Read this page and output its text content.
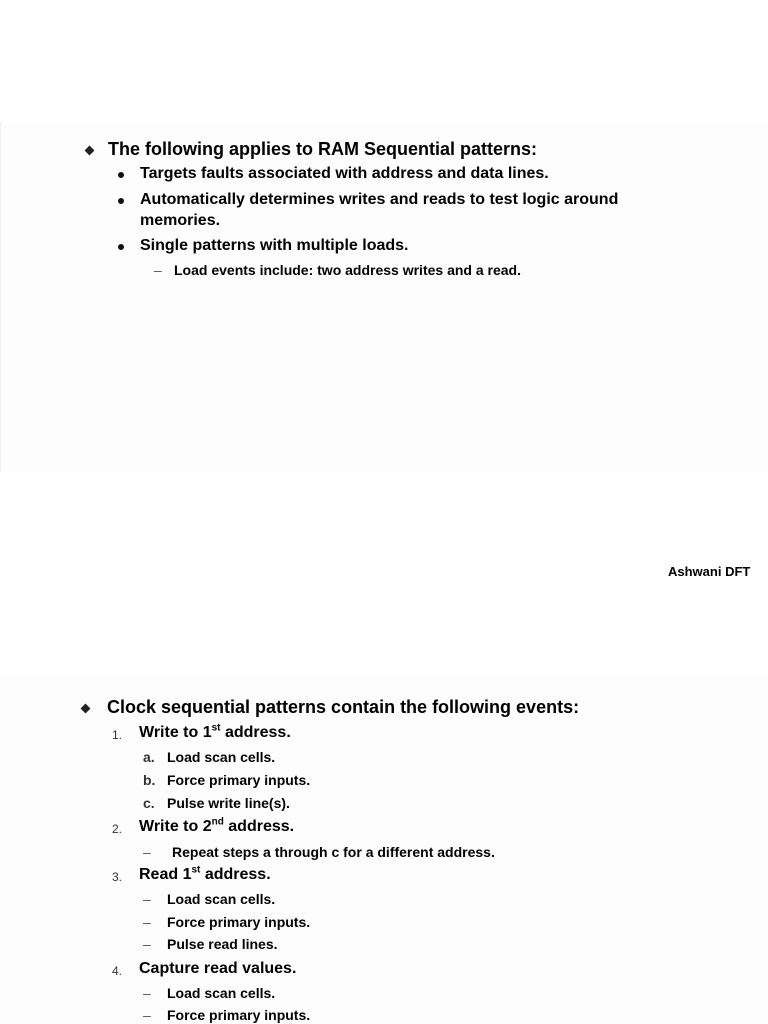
The following applies to RAM Sequential patterns:
Targets faults associated with address and data lines.
Automatically determines writes and reads to test logic around
memories.
Single patterns with multiple loads.
– Load events include: two address writes and a read.
Ashwani DFT
Clock sequential patterns contain the following events:
1. Write to 1st address.
a. Load scan cells.
b. Force primary inputs.
c. Pulse write line(s).
2. Write to 2nd address.
– Repeat steps a through c for a different address.
3. Read 1st address.
– Load scan cells.
– Force primary inputs.
– Pulse read lines.
4. Capture read values.
– Load scan cells.
– Force primary inputs.
